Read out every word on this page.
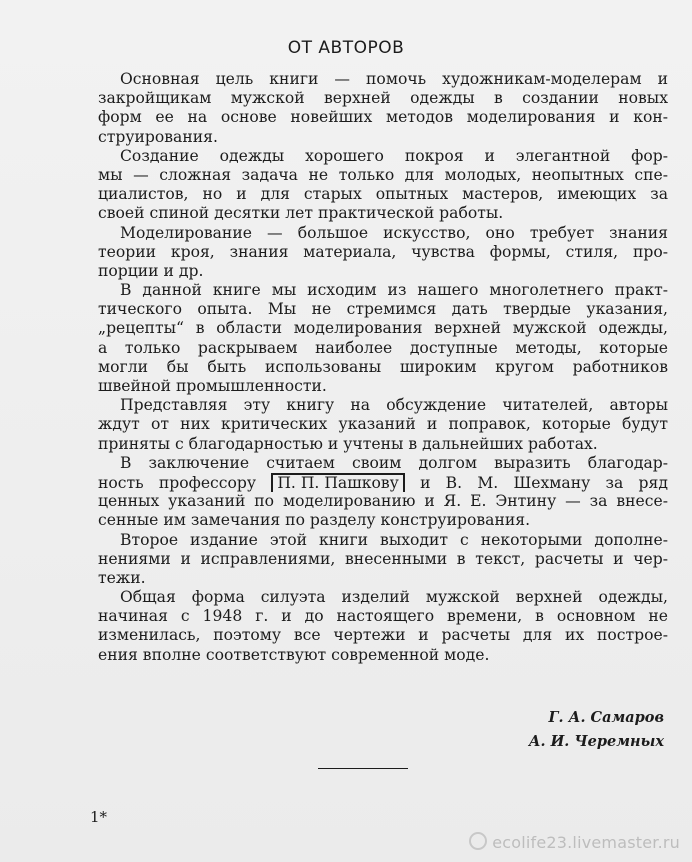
ОТ АВТОРОВ
Основная цель книги — помочь художникам-моделерам и
закройщикам мужской верхней одежды в создании новых
форм ее на основе новейших методов моделирования и кон-
струирования.
Создание одежды хорошего покроя и элегантной фор-
мы — сложная задача не только для молодых, неопытных спе-
циалистов, но и для старых опытных мастеров, имеющих за
своей спиной десятки лет практической работы.
Моделирование — большое искусство, оно требует знания
теории кроя, знания материала, чувства формы, стиля, про-
порции и др.
В данной книге мы исходим из нашего многолетнего практ-
тического опыта. Мы не стремимся дать твердые указания,
„рецепты“ в области моделирования верхней мужской одежды,
а только раскрываем наиболее доступные методы, которые
могли бы быть использованы широким кругом работников
швейной промышленности.
Представляя эту книгу на обсуждение читателей, авторы
ждут от них критических указаний и поправок, которые будут
приняты с благодарностью и учтены в дальнейших работах.
В заключение считаем своим долгом выразить благодар-
ность профессору П. П. Пашкову и В. М. Шехману за ряд
ценных указаний по моделированию и Я. Е. Энтину — за внесе-
сенные им замечания по разделу конструирования.
Второе издание этой книги выходит с некоторыми дополне-
нениями и исправлениями, внесенными в текст, расчеты и чер-
тежи.
Общая форма силуэта изделий мужской верхней одежды,
начиная с 1948 г. и до настоящего времени, в основном не
изменилась, поэтому все чертежи и расчеты для их построе-
ения вполне соответствуют современной моде.
Г. А. Самаров
А. И. Черемных
1*
ecolife23.livemaster.ru
